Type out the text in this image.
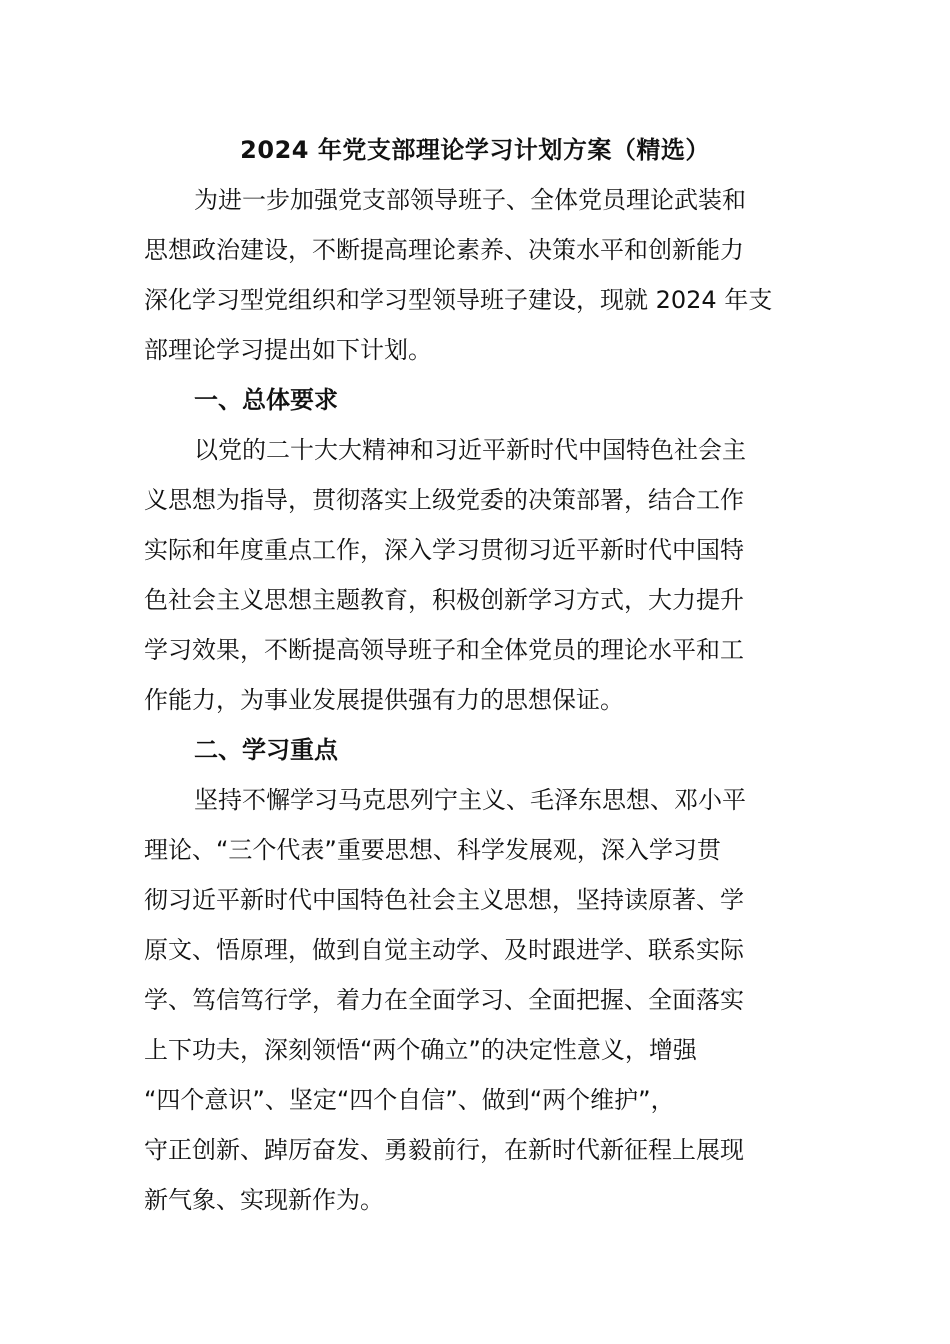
2024 年党支部理论学习计划方案（精选）

为进一步加强党支部领导班子、全体党员理论武装和

思想政治建设，不断提高理论素养、决策水平和创新能力

深化学习型党组织和学习型领导班子建设，现就 2024 年支

部理论学习提出如下计划。

一、总体要求

以党的二十大大精神和习近平新时代中国特色社会主

义思想为指导，贯彻落实上级党委的决策部署，结合工作

实际和年度重点工作，深入学习贯彻习近平新时代中国特

色社会主义思想主题教育，积极创新学习方式，大力提升

学习效果，不断提高领导班子和全体党员的理论水平和工

作能力，为事业发展提供强有力的思想保证。

二、学习重点

坚持不懈学习马克思列宁主义、毛泽东思想、邓小平

理论、“三个代表”重要思想、科学发展观，深入学习贯

彻习近平新时代中国特色社会主义思想，坚持读原著、学

原文、悟原理，做到自觉主动学、及时跟进学、联系实际

学、笃信笃行学，着力在全面学习、全面把握、全面落实

上下功夫，深刻领悟“两个确立”的决定性意义，增强

“四个意识”、坚定“四个自信”、做到“两个维护”，

守正创新、踔厉奋发、勇毅前行，在新时代新征程上展现

新气象、实现新作为。
